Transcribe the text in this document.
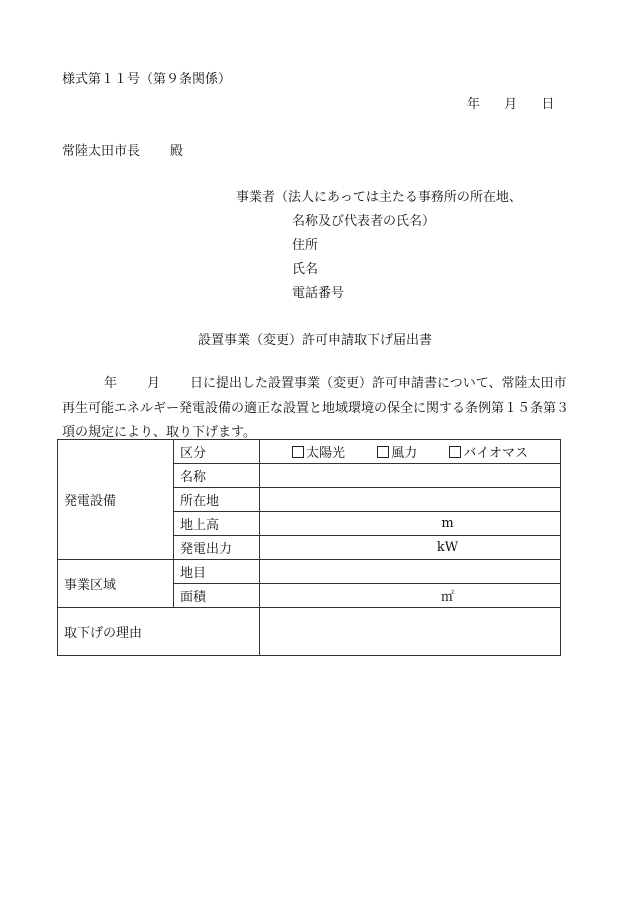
様式第１１号（第９条関係）
年 月 日
常陸太田市長 殿
事業者（法人にあっては主たる事務所の所在地、
名称及び代表者の氏名）
住所
氏名
電話番号
設置事業（変更）許可申請取下げ届出書
年 月 日に提出した設置事業（変更）許可申請書について、常陸太田市再生可能エネルギー発電設備の適正な設置と地域環境の保全に関する条例第１５条第３項の規定により、取り下げます。
発電設備	区分	太陽光 風力 バイオマス
	名称	
	所在地	
	地上高	m
	発電出力	kW
事業区域	地目	
	面積	㎡
取下げの理由		
